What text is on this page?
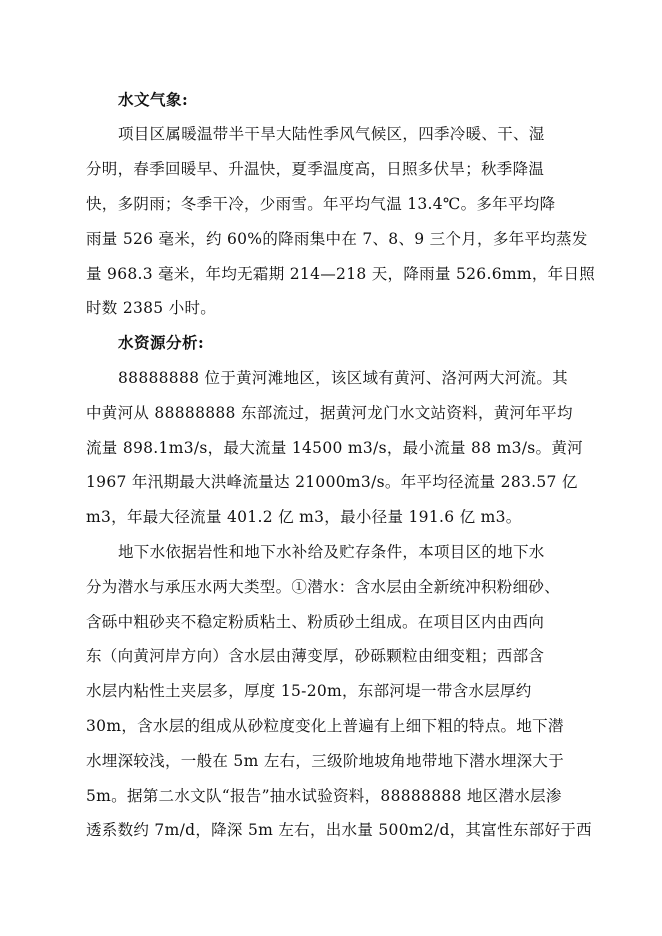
水文气象:
项目区属暖温带半干旱大陆性季风气候区，四季冷暖、干、湿
分明，春季回暖早、升温快，夏季温度高，日照多伏旱；秋季降温
快，多阴雨；冬季干冷，少雨雪。年平均气温 13.4℃。多年平均降
雨量 526 毫米，约 60%的降雨集中在 7、8、9 三个月，多年平均蒸发
量 968.3 毫米，年均无霜期 214—218 天，降雨量 526.6mm，年日照
时数 2385 小时。
水资源分析:
88888888 位于黄河滩地区，该区域有黄河、洛河两大河流。其
中黄河从 88888888 东部流过，据黄河龙门水文站资料，黄河年平均
流量 898.1m3/s，最大流量 14500 m3/s，最小流量 88 m3/s。黄河
1967 年汛期最大洪峰流量达 21000m3/s。年平均径流量 283.57 亿
m3，年最大径流量 401.2 亿 m3，最小径量 191.6 亿 m3。
地下水依据岩性和地下水补给及贮存条件，本项目区的地下水
分为潜水与承压水两大类型。①潜水：含水层由全新统冲积粉细砂、
含砾中粗砂夹不稳定粉质粘土、粉质砂土组成。在项目区内由西向
东（向黄河岸方向）含水层由薄变厚，砂砾颗粒由细变粗；西部含
水层内粘性土夹层多，厚度 15-20m，东部河堤一带含水层厚约
30m，含水层的组成从砂粒度变化上普遍有上细下粗的特点。地下潜
水埋深较浅，一般在 5m 左右，三级阶地坡角地带地下潜水埋深大于
5m。据第二水文队“报告”抽水试验资料，88888888 地区潜水层渗
透系数约 7m/d，降深 5m 左右，出水量 500m2/d，其富性东部好于西
